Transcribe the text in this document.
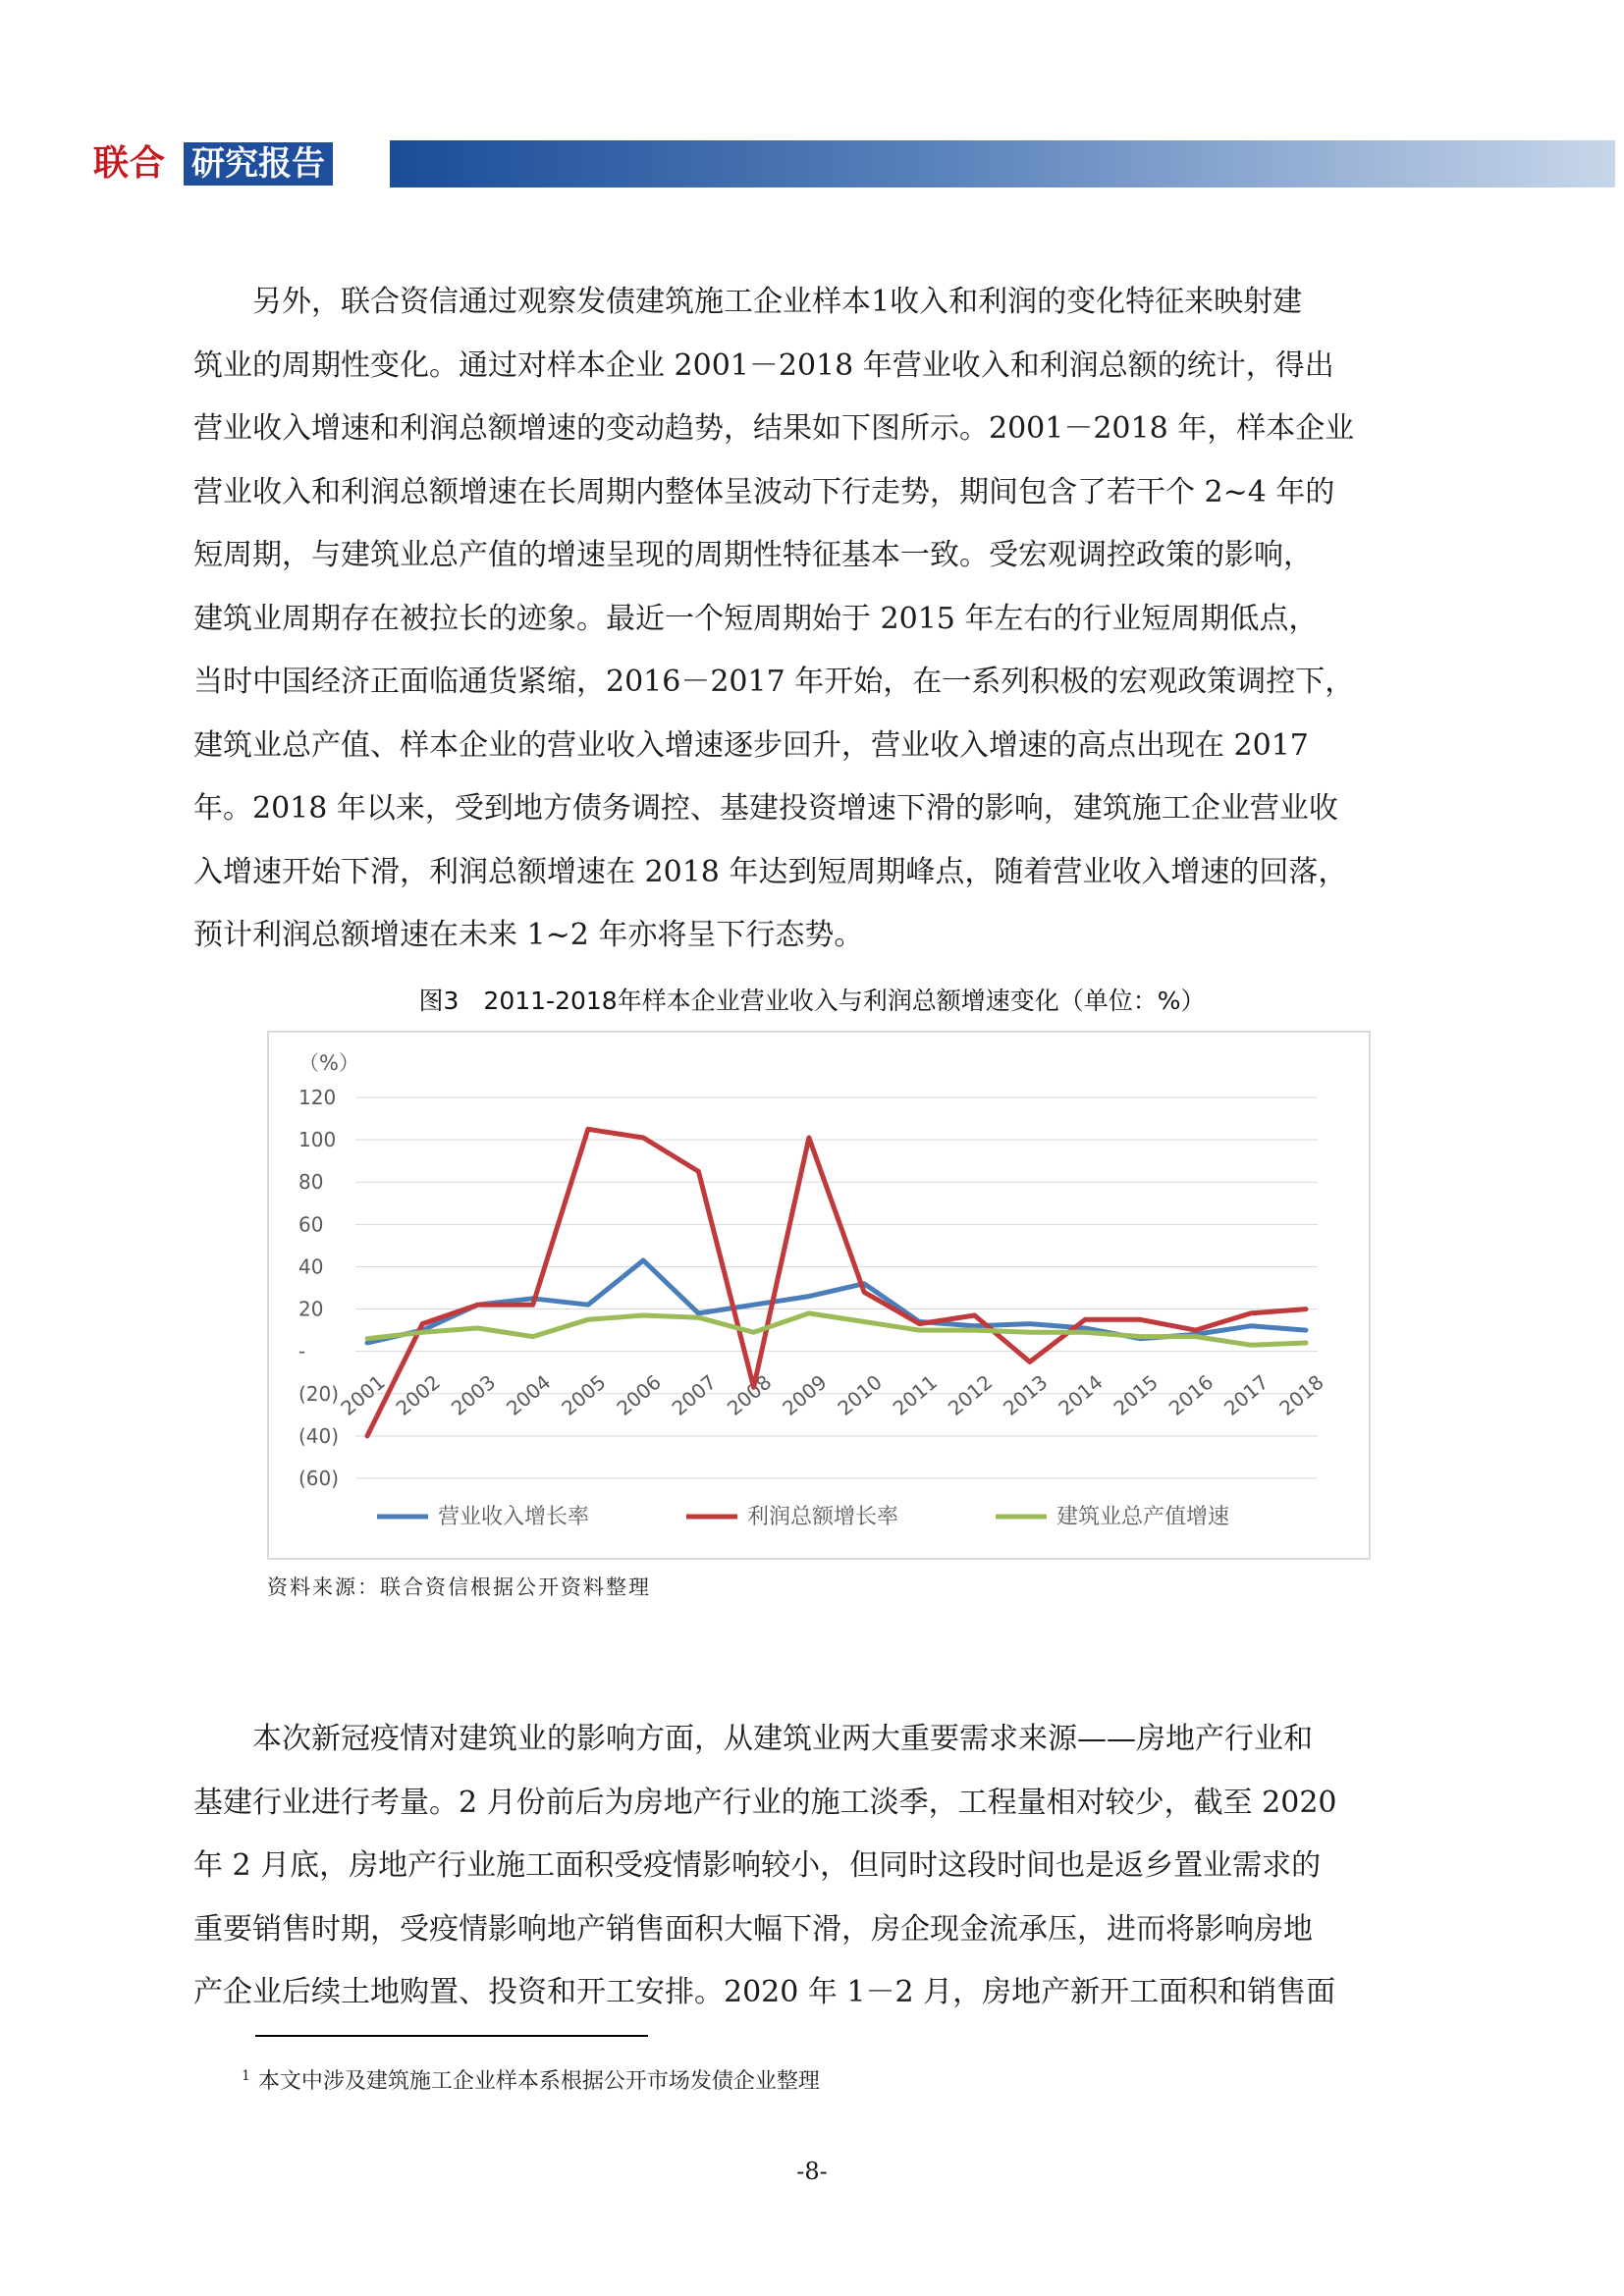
联合 研究报告
　　另外，联合资信通过观察发债建筑施工企业样本1收入和利润的变化特征来映射建
筑业的周期性变化。通过对样本企业 2001－2018 年营业收入和利润总额的统计，得出
营业收入增速和利润总额增速的变动趋势，结果如下图所示。2001－2018 年，样本企业
营业收入和利润总额增速在长周期内整体呈波动下行走势，期间包含了若干个 2~4 年的
短周期，与建筑业总产值的增速呈现的周期性特征基本一致。受宏观调控政策的影响，
建筑业周期存在被拉长的迹象。最近一个短周期始于 2015 年左右的行业短周期低点，
当时中国经济正面临通货紧缩，2016－2017 年开始，在一系列积极的宏观政策调控下，
建筑业总产值、样本企业的营业收入增速逐步回升，营业收入增速的高点出现在 2017
年。2018 年以来，受到地方债务调控、基建投资增速下滑的影响，建筑施工企业营业收
入增速开始下滑，利润总额增速在 2018 年达到短周期峰点，随着营业收入增速的回落，
预计利润总额增速在未来 1~2 年亦将呈下行态势。
图3　2011-2018年样本企业营业收入与利润总额增速变化（单位：%）
（%）
120
100
80
60
40
20
-
(20)
(40)
(60)
2001 2002 2003 2004 2005 2006 2007 2008 2009 2010 2011 2012 2013 2014 2015 2016 2017 2018
营业收入增长率	利润总额增长率	建筑业总产值增速
资料来源：联合资信根据公开资料整理
　　本次新冠疫情对建筑业的影响方面，从建筑业两大重要需求来源——房地产行业和
基建行业进行考量。2 月份前后为房地产行业的施工淡季，工程量相对较少，截至 2020
年 2 月底，房地产行业施工面积受疫情影响较小，但同时这段时间也是返乡置业需求的
重要销售时期，受疫情影响地产销售面积大幅下滑，房企现金流承压，进而将影响房地
产企业后续土地购置、投资和开工安排。2020 年 1－2 月，房地产新开工面积和销售面
$^1$ 本文中涉及建筑施工企业样本系根据公开市场发债企业整理
-8-
